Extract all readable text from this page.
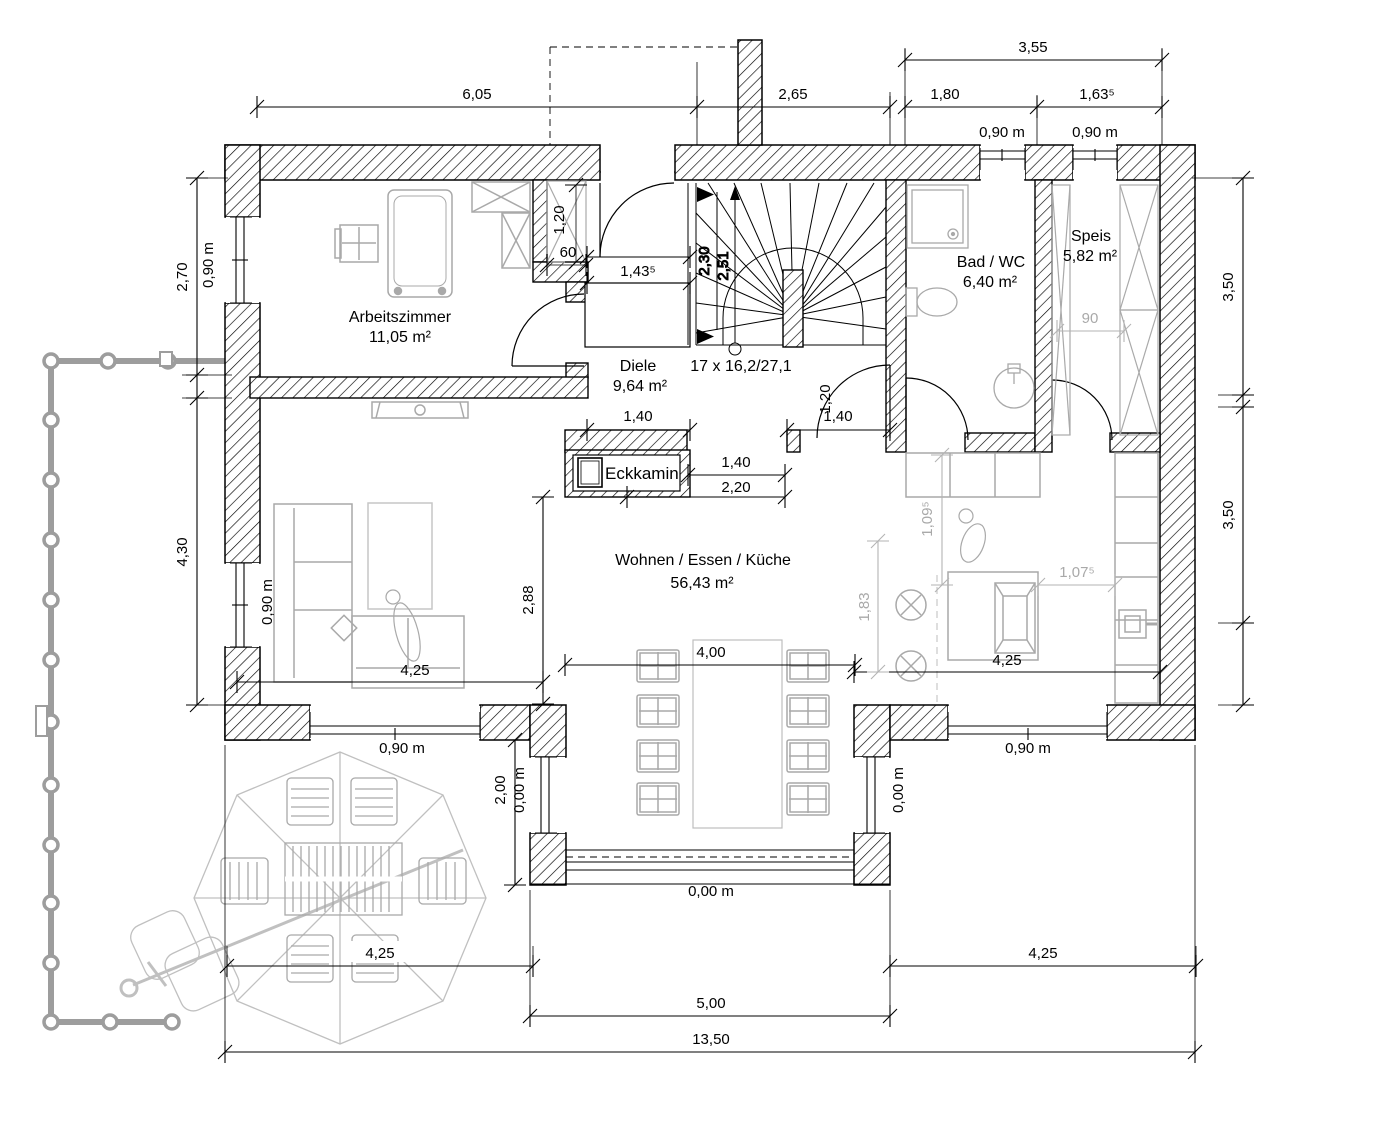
Eckkamin
2,30 2,51
6,05	2,65
3,55
1,80	1,63⁵
1,43⁵
1,40	1,40
1,40
2,20
4,00
4,25
4,25
4,25	4,25
5,00
13,50
2,70
4,30
3,50
3,50
2,88
2,00
1,20
60
1,20
90
1,09⁵
1,07⁵
1,83
0,90 m	0,90 m
0,90 m
0,90 m
0,90 m	0,90 m
0,00 m	0,00 m
0,00 m
Arbeitszimmer
11,05 m²
Diele
9,64 m²
17 x 16,2/27,1
Bad / WC
6,40 m²
Speis
5,82 m²
Wohnen / Essen / Küche
56,43 m²
